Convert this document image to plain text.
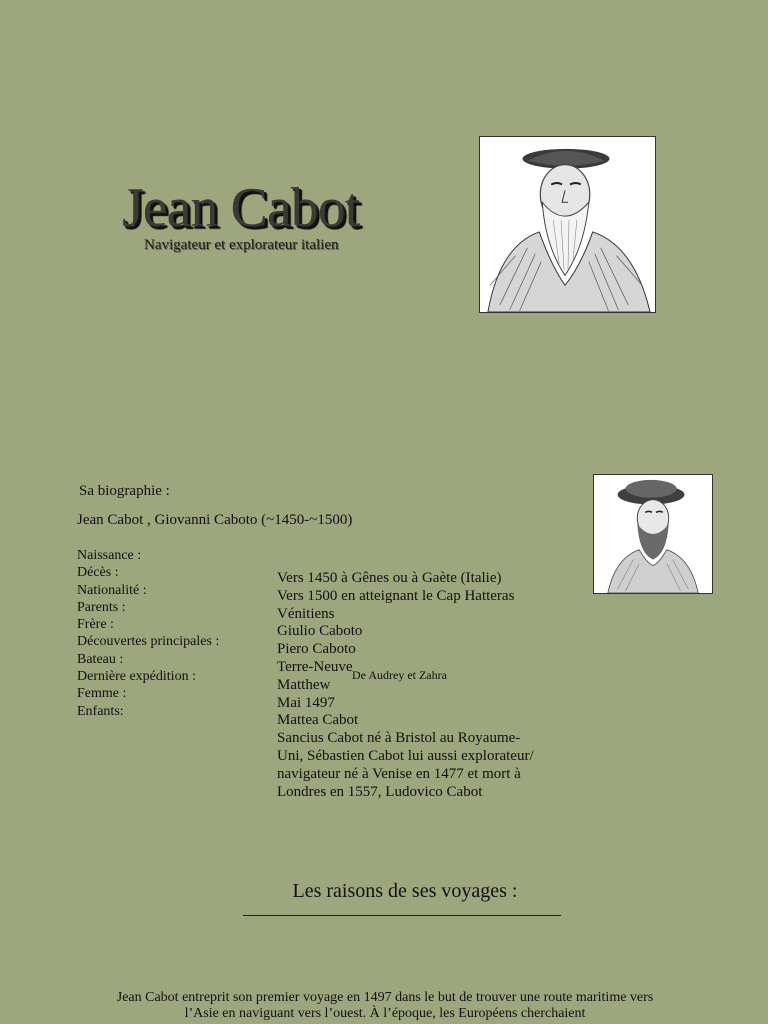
Jean Cabot
Navigateur et explorateur italien
Sa biographie :
Jean Cabot , Giovanni Caboto (~1450-~1500)
Naissance :
Décès :
Nationalité :
Parents :
Frère :
Découvertes principales :
Bateau :
Dernière expédition :
Femme :
Enfants:
Vers 1450 à Gênes ou à Gaète (Italie)
Vers 1500 en atteignant le Cap Hatteras
Vénitiens
Giulio Caboto
Piero Caboto
Terre-Neuve
Matthew
Mai 1497
Mattea Cabot
Sancius Cabot né à Bristol au Royaume-Uni, Sébastien Cabot lui aussi explorateur/ navigateur né à Venise en 1477 et mort à Londres en 1557, Ludovico Cabot
De Audrey et Zahra
Les raisons de ses voyages :
Jean Cabot entreprit son premier voyage en 1497 dans le but de trouver une route maritime vers l’Asie en naviguant vers l’ouest. À l’époque, les Européens cherchaient
